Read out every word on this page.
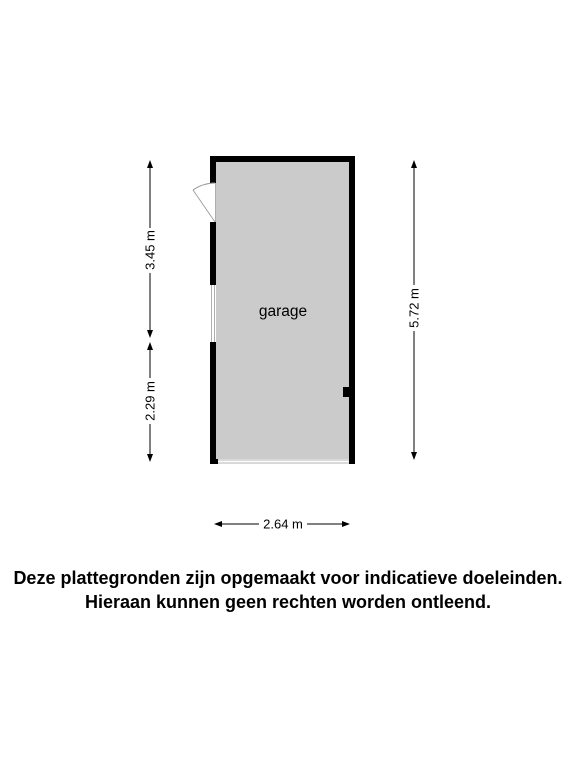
garage
3.45 m
2.29 m
5.72 m
2.64 m
Deze plattegronden zijn opgemaakt voor indicatieve doeleinden.
Hieraan kunnen geen rechten worden ontleend.
